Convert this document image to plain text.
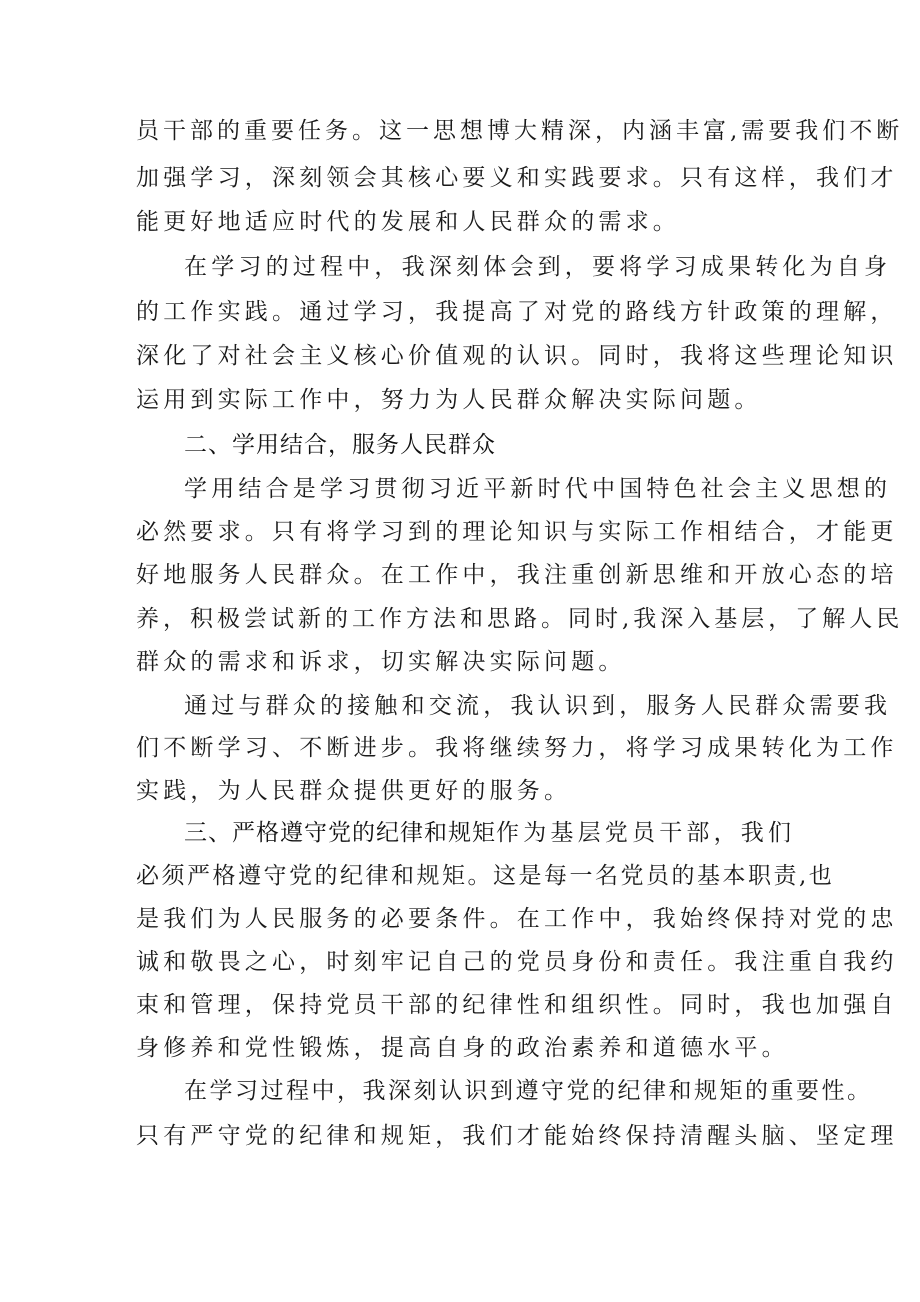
员干部的重要任务。这一思想博大精深，内涵丰富,需要我们不断
加强学习，深刻领会其核心要义和实践要求。只有这样，我们才
能更好地适应时代的发展和人民群众的需求。
在学习的过程中，我深刻体会到，要将学习成果转化为自身
的工作实践。通过学习，我提高了对党的路线方针政策的理解，
深化了对社会主义核心价值观的认识。同时，我将这些理论知识
运用到实际工作中，努力为人民群众解决实际问题。
二、学用结合，服务人民群众
学用结合是学习贯彻习近平新时代中国特色社会主义思想的
必然要求。只有将学习到的理论知识与实际工作相结合，才能更
好地服务人民群众。在工作中，我注重创新思维和开放心态的培
养，积极尝试新的工作方法和思路。同时,我深入基层，了解人民
群众的需求和诉求，切实解决实际问题。
通过与群众的接触和交流，我认识到，服务人民群众需要我
们不断学习、不断进步。我将继续努力，将学习成果转化为工作
实践，为人民群众提供更好的服务。
三、严格遵守党的纪律和规矩作为基层党员干部，我们
必须严格遵守党的纪律和规矩。这是每一名党员的基本职责,也
是我们为人民服务的必要条件。在工作中，我始终保持对党的忠
诚和敬畏之心，时刻牢记自己的党员身份和责任。我注重自我约
束和管理，保持党员干部的纪律性和组织性。同时，我也加强自
身修养和党性锻炼，提高自身的政治素养和道德水平。
在学习过程中，我深刻认识到遵守党的纪律和规矩的重要性。
只有严守党的纪律和规矩，我们才能始终保持清醒头脑、坚定理
